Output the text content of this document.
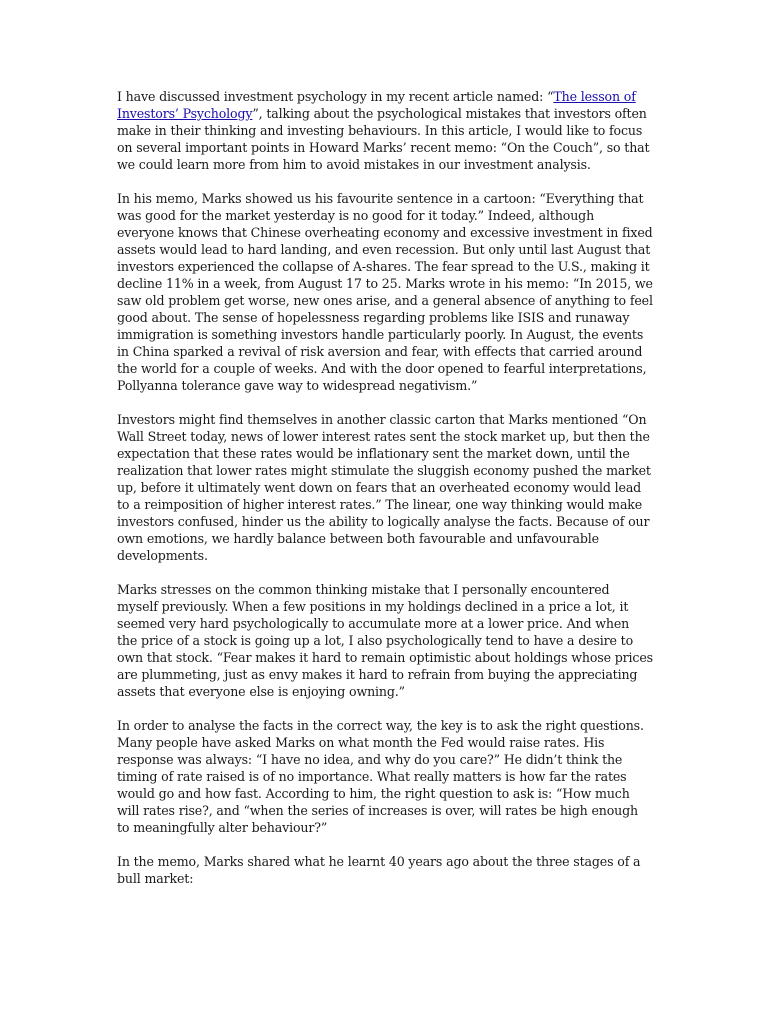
I have discussed investment psychology in my recent article named: “The lesson of Investors’ Psychology”, talking about the psychological mistakes that investors often make in their thinking and investing behaviours. In this article, I would like to focus on several important points in Howard Marks’ recent memo: “On the Couch”, so that we could learn more from him to avoid mistakes in our investment analysis.

In his memo, Marks showed us his favourite sentence in a cartoon: “Everything that was good for the market yesterday is no good for it today.” Indeed, although everyone knows that Chinese overheating economy and excessive investment in fixed assets would lead to hard landing, and even recession. But only until last August that investors experienced the collapse of A-shares. The fear spread to the U.S., making it decline 11% in a week, from August 17 to 25. Marks wrote in his memo: “In 2015, we saw old problem get worse, new ones arise, and a general absence of anything to feel good about. The sense of hopelessness regarding problems like ISIS and runaway immigration is something investors handle particularly poorly. In August, the events in China sparked a revival of risk aversion and fear, with effects that carried around the world for a couple of weeks. And with the door opened to fearful interpretations, Pollyanna tolerance gave way to widespread negativism.”

Investors might find themselves in another classic carton that Marks mentioned “On Wall Street today, news of lower interest rates sent the stock market up, but then the expectation that these rates would be inflationary sent the market down, until the realization that lower rates might stimulate the sluggish economy pushed the market up, before it ultimately went down on fears that an overheated economy would lead to a reimposition of higher interest rates.” The linear, one way thinking would make investors confused, hinder us the ability to logically analyse the facts. Because of our own emotions, we hardly balance between both favourable and unfavourable developments.

Marks stresses on the common thinking mistake that I personally encountered myself previously. When a few positions in my holdings declined in a price a lot, it seemed very hard psychologically to accumulate more at a lower price. And when the price of a stock is going up a lot, I also psychologically tend to have a desire to own that stock. “Fear makes it hard to remain optimistic about holdings whose prices are plummeting, just as envy makes it hard to refrain from buying the appreciating assets that everyone else is enjoying owning.”

In order to analyse the facts in the correct way, the key is to ask the right questions. Many people have asked Marks on what month the Fed would raise rates. His response was always: “I have no idea, and why do you care?” He didn’t think the timing of rate raised is of no importance. What really matters is how far the rates would go and how fast. According to him, the right question to ask is: “How much will rates rise?, and “when the series of increases is over, will rates be high enough to meaningfully alter behaviour?”

In the memo, Marks shared what he learnt 40 years ago about the three stages of a bull market:
